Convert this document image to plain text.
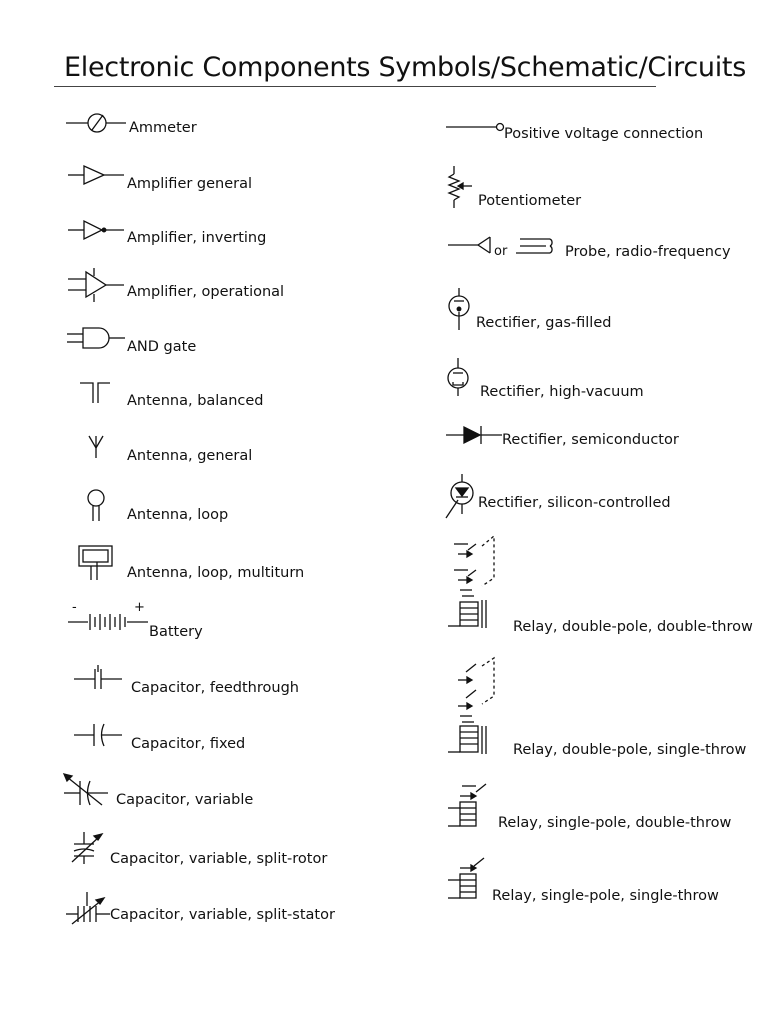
Electronic Components Symbols/Schematic/Circuits
Ammeter
Amplifier general
Amplifier, inverting
Amplifier, operational
AND gate
Antenna, balanced
Antenna, general
Antenna, loop
Antenna, loop, multiturn
-	+
Battery
Capacitor, feedthrough
Capacitor, fixed
Capacitor, variable
Capacitor, variable, split-rotor
Capacitor, variable, split-stator
Positive voltage connection
Potentiometer
or	Probe, radio-frequency
Rectifier, gas-filled
Rectifier, high-vacuum
Rectifier, semiconductor
Rectifier, silicon-controlled
Relay, double-pole, double-throw
Relay, double-pole, single-throw
Relay, single-pole, double-throw
Relay, single-pole, single-throw
